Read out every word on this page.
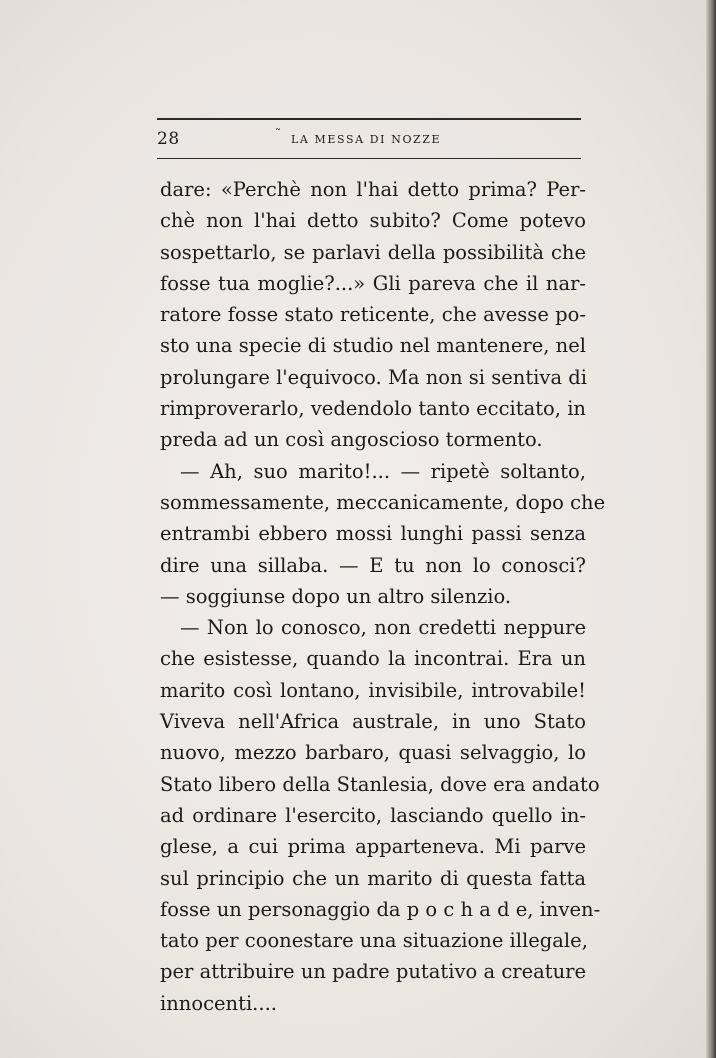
28
˜	LA MESSA DI NOZZE
dare: «Perchè non l'hai detto prima? Per-
chè non l'hai detto subito? Come potevo
sospettarlo, se parlavi della possibilità che
fosse tua moglie?...» Gli pareva che il nar-
ratore fosse stato reticente, che avesse po-
sto una specie di studio nel mantenere, nel
prolungare l'equivoco. Ma non si sentiva di
rimproverarlo, vedendolo tanto eccitato, in
preda ad un così angoscioso tormento.
— Ah, suo marito!... — ripetè soltanto,
sommessamente, meccanicamente, dopo che
entrambi ebbero mossi lunghi passi senza
dire una sillaba. — E tu non lo conosci?
— soggiunse dopo un altro silenzio.
— Non lo conosco, non credetti neppure
che esistesse, quando la incontrai. Era un
marito così lontano, invisibile, introvabile!
Viveva nell'Africa australe, in uno Stato
nuovo, mezzo barbaro, quasi selvaggio, lo
Stato libero della Stanlesia, dove era andato
ad ordinare l'esercito, lasciando quello in-
glese, a cui prima apparteneva. Mi parve
sul principio che un marito di questa fatta
fosse un personaggio da p o c h a d e, inven-
tato per coonestare una situazione illegale,
per attribuire un padre putativo a creature
innocenti....
